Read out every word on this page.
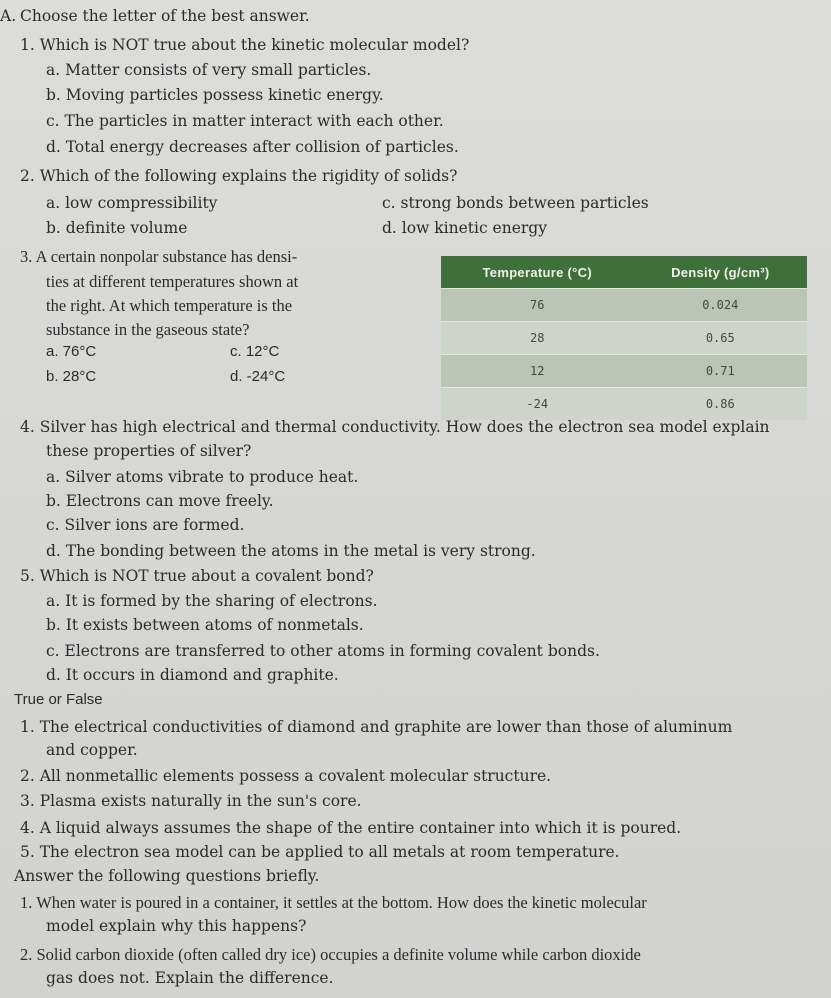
A. Choose the letter of the best answer.
1. Which is NOT true about the kinetic molecular model?
a. Matter consists of very small particles.
b. Moving particles possess kinetic energy.
c. The particles in matter interact with each other.
d. Total energy decreases after collision of particles.
2. Which of the following explains the rigidity of solids?
a. low compressibility	c. strong bonds between particles
b. definite volume	d. low kinetic energy
3. A certain nonpolar substance has densi-
ties at different temperatures shown at
the right. At which temperature is the
substance in the gaseous state?
a. 76°C	c. 12°C
b. 28°C	d. -24°C
Temperature (°C)	Density (g/cm³)
76	0.024
28	0.65
12	0.71
-24	0.86
4. Silver has high electrical and thermal conductivity. How does the electron sea model explain
these properties of silver?
a. Silver atoms vibrate to produce heat.
b. Electrons can move freely.
c. Silver ions are formed.
d. The bonding between the atoms in the metal is very strong.
5. Which is NOT true about a covalent bond?
a. It is formed by the sharing of electrons.
b. It exists between atoms of nonmetals.
c. Electrons are transferred to other atoms in forming covalent bonds.
d. It occurs in diamond and graphite.
True or False
1. The electrical conductivities of diamond and graphite are lower than those of aluminum
and copper.
2. All nonmetallic elements possess a covalent molecular structure.
3. Plasma exists naturally in the sun's core.
4. A liquid always assumes the shape of the entire container into which it is poured.
5. The electron sea model can be applied to all metals at room temperature.
Answer the following questions briefly.
1. When water is poured in a container, it settles at the bottom. How does the kinetic molecular
model explain why this happens?
2. Solid carbon dioxide (often called dry ice) occupies a definite volume while carbon dioxide
gas does not. Explain the difference.
